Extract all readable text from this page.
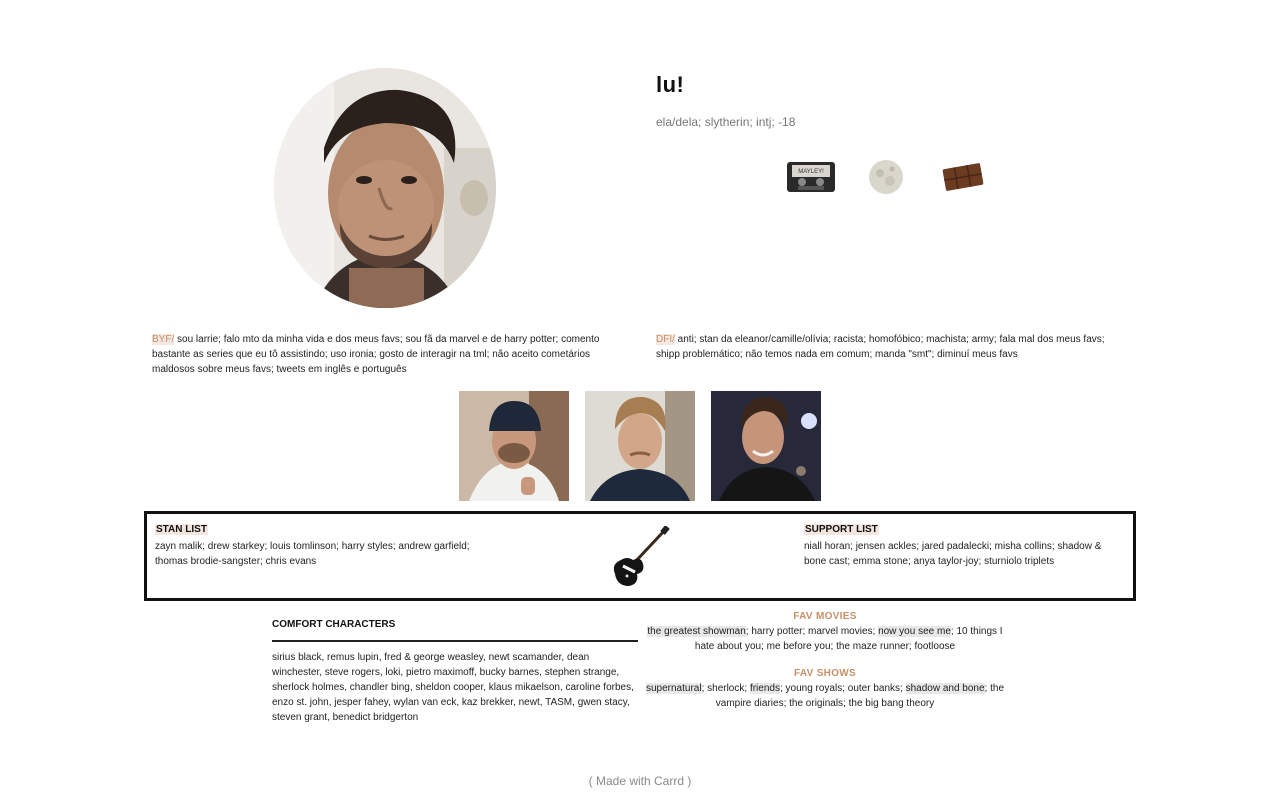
lu!
ela/dela; slytherin; intj; -18
MAYLEY!
BYF/ sou larrie; falo mto da minha vida e dos meus favs; sou fã da marvel e de harry potter; comento bastante as series que eu tô assistindo; uso ironia; gosto de interagir na tml; não aceito cometários maldosos sobre meus favs; tweets em inglês e português
DFI/ anti; stan da eleanor/camille/olívia; racista; homofóbico; machista; army; fala mal dos meus favs; shipp problemático; não temos nada em comum; manda "smt"; diminuí meus favs
STAN LIST
zayn malik; drew starkey; louis tomlinson; harry styles; andrew garfield; thomas brodie-sangster; chris evans
SUPPORT LIST
niall horan; jensen ackles; jared padalecki; misha collins; shadow & bone cast; emma stone; anya taylor-joy; sturniolo triplets
COMFORT CHARACTERS
sirius black, remus lupin, fred & george weasley, newt scamander, dean winchester, steve rogers, loki, pietro maximoff, bucky barnes, stephen strange, sherlock holmes, chandler bing, sheldon cooper, klaus mikaelson, caroline forbes, enzo st. john, jesper fahey, wylan van eck, kaz brekker, newt, TASM, gwen stacy, steven grant, benedict bridgerton
FAV MOVIES
the greatest showman; harry potter; marvel movies; now you see me; 10 things I hate about you; me before you; the maze runner; footloose
FAV SHOWS
supernatural; sherlock; friends; young royals; outer banks; shadow and bone; the vampire diaries; the originals; the big bang theory
( Made with Carrd )
